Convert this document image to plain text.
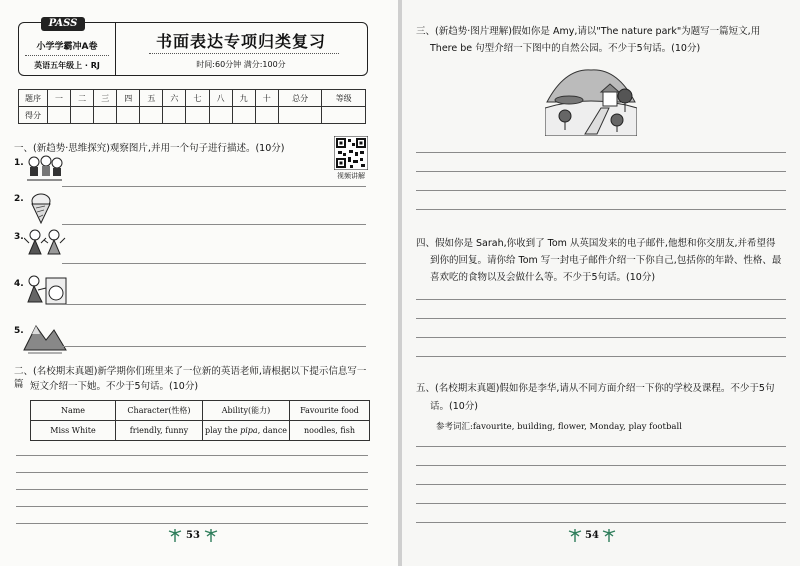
PASS
小学学霸冲A卷
英语五年级上 · RJ
书面表达专项归类复习
时间:60分钟 满分:100分
题序	一	二	三	四	五	六	七	八	九	十	总分	等级
得分												
一、(新趋势·思维探究)观察图片,并用一个句子进行描述。(10分)
视频讲解
1.
2.
3.
4.
5.
二、(名校期末真题)新学期你们班里来了一位新的英语老师,请根据以下提示信息写一篇 短文介绍一下她。不少于5句话。(10分)
Name	Character(性格)	Ability(能力)	Favourite food
Miss White	friendly, funny	play the pipa, dance	noodles, fish
53
三、(新趋势·图片理解)假如你是 Amy,请以"The nature park"为题写一篇短文,用
There be 句型介绍一下图中的自然公园。不少于5句话。(10分)
四、假如你是 Sarah,你收到了 Tom 从英国发来的电子邮件,他想和你交朋友,并希望得
到你的回复。请你给 Tom 写一封电子邮件介绍一下你自己,包括你的年龄、性格、最
喜欢吃的食物以及会做什么等。不少于5句话。(10分)
五、(名校期末真题)假如你是李华,请从不同方面介绍一下你的学校及课程。不少于5句
话。(10分)
参考词汇:favourite, building, flower, Monday, play football
54
